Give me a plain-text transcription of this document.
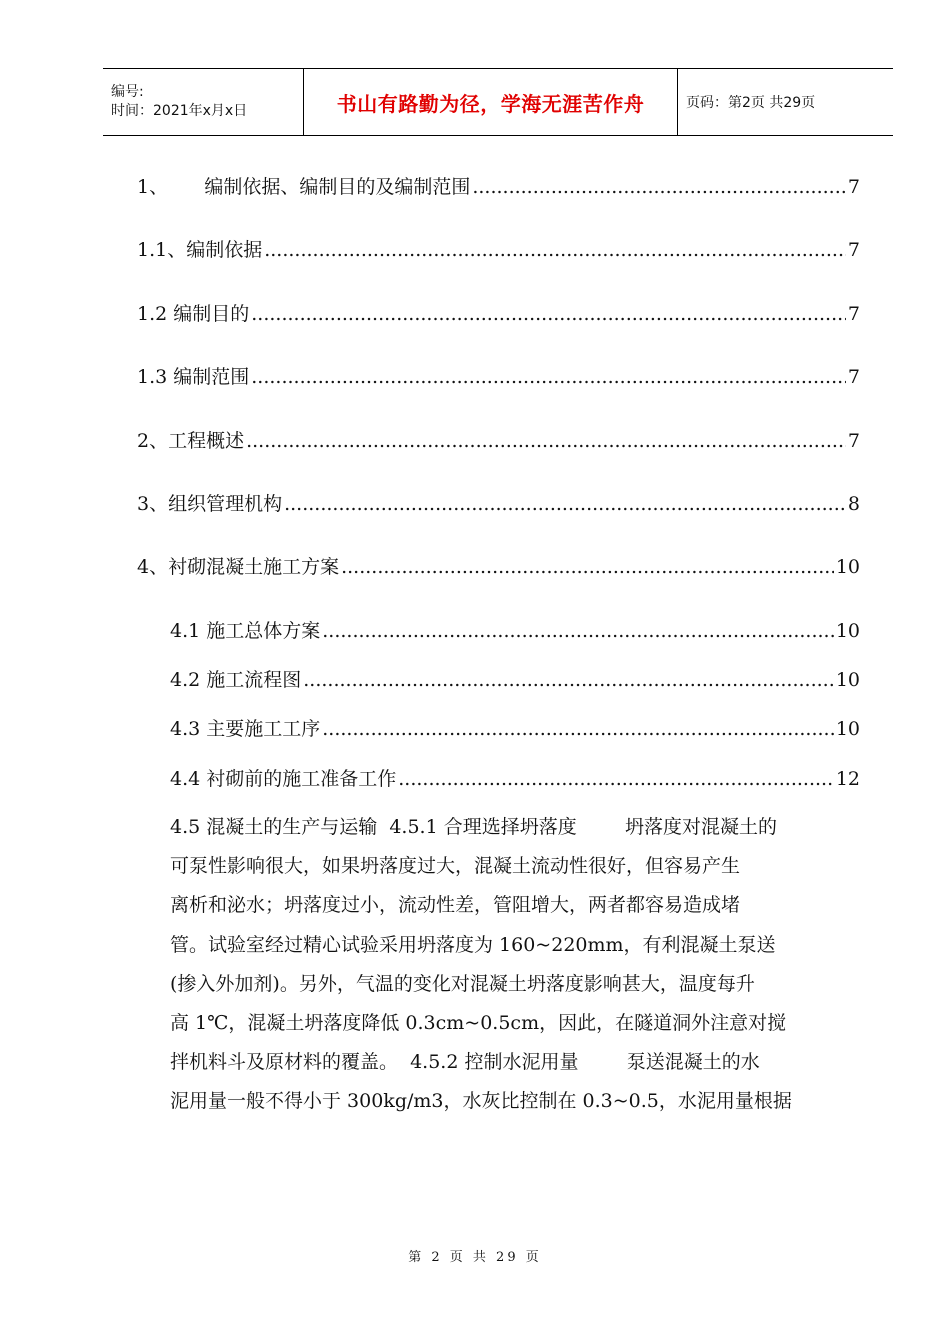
编号:
时间：2021年x月x日	书山有路勤为径，学海无涯苦作舟	页码：第2页 共29页
1、      编制依据、编制目的及编制范围 .....	7
1.1、编制依据 .....	7
1.2 编制目的 .....	7
1.3 编制范围 .....	7
2、工程概述 .....	7
3、组织管理机构 .....	8
4、衬砌混凝土施工方案 .....	10
4.1 施工总体方案 .....	10
4.2 施工流程图 .....	10
4.3 主要施工工序 .....	10
4.4 衬砌前的施工准备工作 .....	12
4.5 混凝土的生产与运输  4.5.1 合理选择坍落度        坍落度对混凝土的
可泵性影响很大，如果坍落度过大，混凝土流动性很好，但容易产生
离析和泌水；坍落度过小，流动性差，管阻增大，两者都容易造成堵
管。试验室经过精心试验采用坍落度为 160~220mm，有利混凝土泵送
(掺入外加剂)。另外，气温的变化对混凝土坍落度影响甚大，温度每升
高 1℃，混凝土坍落度降低 0.3cm~0.5cm，因此，在隧道洞外注意对搅
拌机料斗及原材料的覆盖。  4.5.2 控制水泥用量        泵送混凝土的水
泥用量一般不得小于 300kg/m3，水灰比控制在 0.3~0.5，水泥用量根据
第 2 页 共 29 页
